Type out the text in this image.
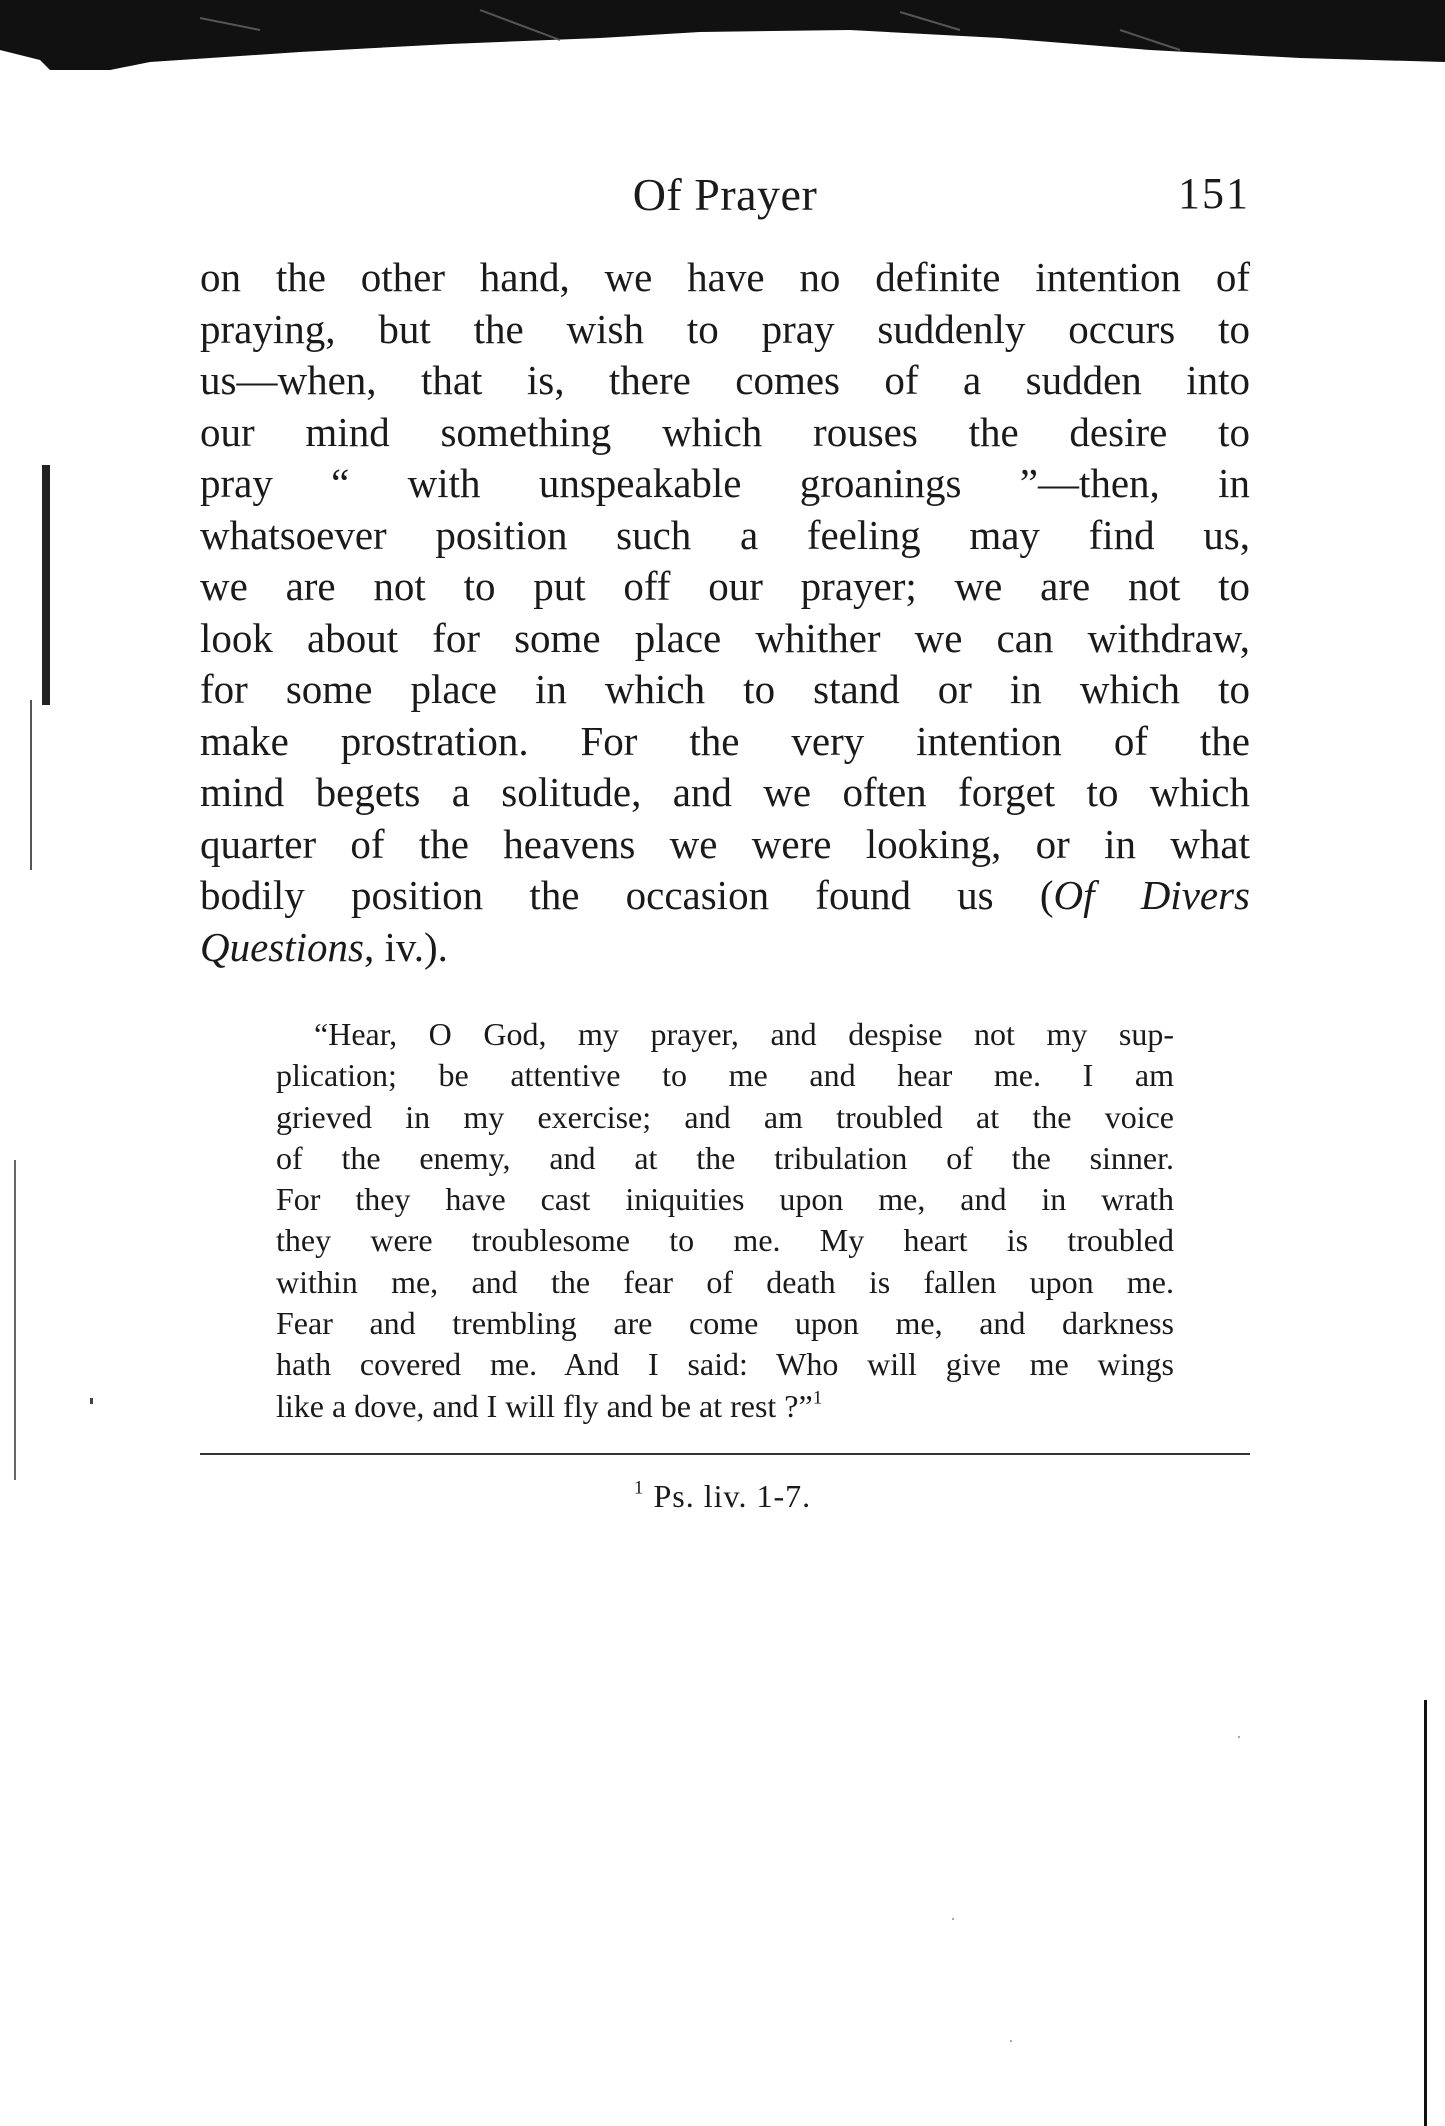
Of Prayer	151
on the other hand, we have no definite intention of
praying, but the wish to pray suddenly occurs to
us—when, that is, there comes of a sudden into
our mind something which rouses the desire to
pray “ with unspeakable groanings ”—then, in
whatsoever position such a feeling may find us,
we are not to put off our prayer; we are not to
look about for some place whither we can withdraw,
for some place in which to stand or in which to
make prostration. For the very intention of the
mind begets a solitude, and we often forget to which
quarter of the heavens we were looking, or in what
bodily position the occasion found us (Of Divers
Questions, iv.).
“Hear, O God, my prayer, and despise not my sup-
plication; be attentive to me and hear me. I am
grieved in my exercise; and am troubled at the voice
of the enemy, and at the tribulation of the sinner.
For they have cast iniquities upon me, and in wrath
they were troublesome to me. My heart is troubled
within me, and the fear of death is fallen upon me.
Fear and trembling are come upon me, and darkness
hath covered me. And I said: Who will give me wings
like a dove, and I will fly and be at rest ?”$^1$
$^1$ Ps. liv. 1-7.
